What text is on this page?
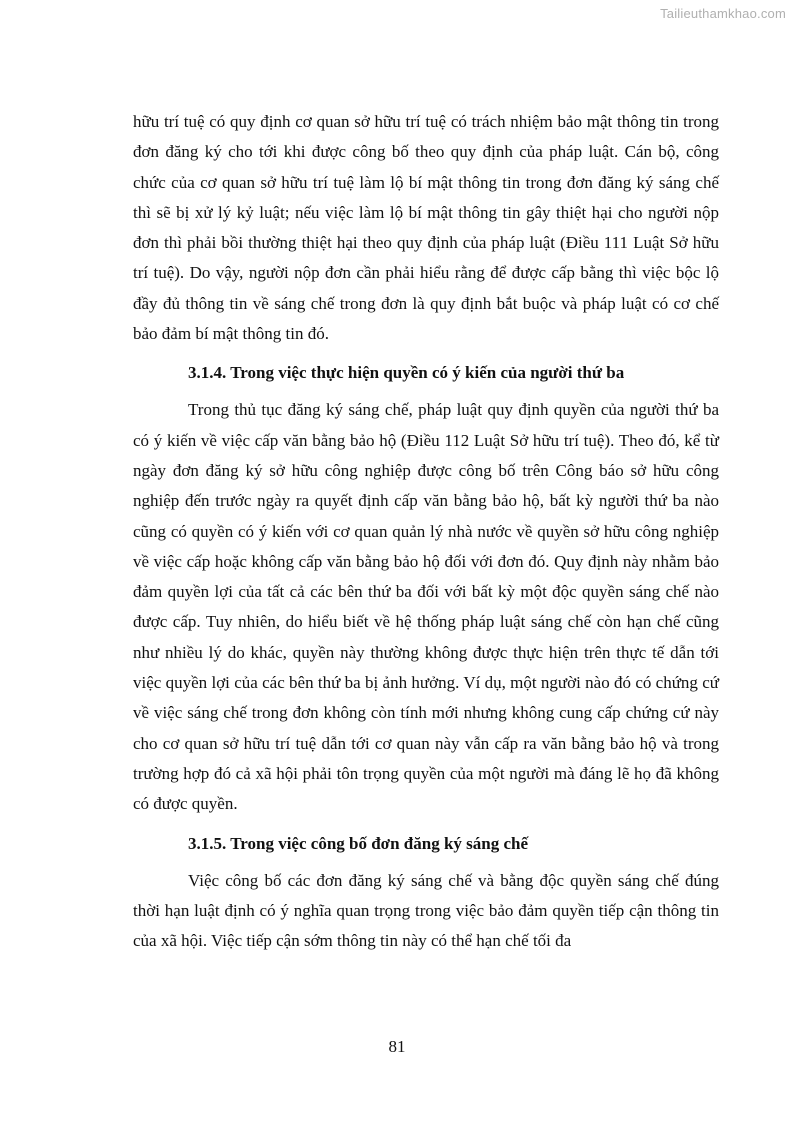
Tailieuthamkhao.com

hữu trí tuệ có quy định cơ quan sở hữu trí tuệ có trách nhiệm bảo mật thông tin trong đơn đăng ký cho tới khi được công bố theo quy định của pháp luật. Cán bộ, công chức của cơ quan sở hữu trí tuệ làm lộ bí mật thông tin trong đơn đăng ký sáng chế thì sẽ bị xử lý kỷ luật; nếu việc làm lộ bí mật thông tin gây thiệt hại cho người nộp đơn thì phải bồi thường thiệt hại theo quy định của pháp luật (Điều 111 Luật Sở hữu trí tuệ). Do vậy, người nộp đơn cần phải hiểu rằng để được cấp bằng thì việc bộc lộ đầy đủ thông tin về sáng chế trong đơn là quy định bắt buộc và pháp luật có cơ chế bảo đảm bí mật thông tin đó.

3.1.4. Trong việc thực hiện quyền có ý kiến của người thứ ba

Trong thủ tục đăng ký sáng chế, pháp luật quy định quyền của người thứ ba có ý kiến về việc cấp văn bằng bảo hộ (Điều 112 Luật Sở hữu trí tuệ). Theo đó, kể từ ngày đơn đăng ký sở hữu công nghiệp được công bố trên Công báo sở hữu công nghiệp đến trước ngày ra quyết định cấp văn bằng bảo hộ, bất kỳ người thứ ba nào cũng có quyền có ý kiến với cơ quan quản lý nhà nước về quyền sở hữu công nghiệp về việc cấp hoặc không cấp văn bằng bảo hộ đối với đơn đó. Quy định này nhằm bảo đảm quyền lợi của tất cả các bên thứ ba đối với bất kỳ một độc quyền sáng chế nào được cấp. Tuy nhiên, do hiểu biết về hệ thống pháp luật sáng chế còn hạn chế cũng như nhiều lý do khác, quyền này thường không được thực hiện trên thực tế dẫn tới việc quyền lợi của các bên thứ ba bị ảnh hưởng. Ví dụ, một người nào đó có chứng cứ về việc sáng chế trong đơn không còn tính mới nhưng không cung cấp chứng cứ này cho cơ quan sở hữu trí tuệ dẫn tới cơ quan này vẫn cấp ra văn bằng bảo hộ và trong trường hợp đó cả xã hội phải tôn trọng quyền của một người mà đáng lẽ họ đã không có được quyền.

3.1.5. Trong việc công bố đơn đăng ký sáng chế

Việc công bố các đơn đăng ký sáng chế và bằng độc quyền sáng chế đúng thời hạn luật định có ý nghĩa quan trọng trong việc bảo đảm quyền tiếp cận thông tin của xã hội. Việc tiếp cận sớm thông tin này có thể hạn chế tối đa

81
